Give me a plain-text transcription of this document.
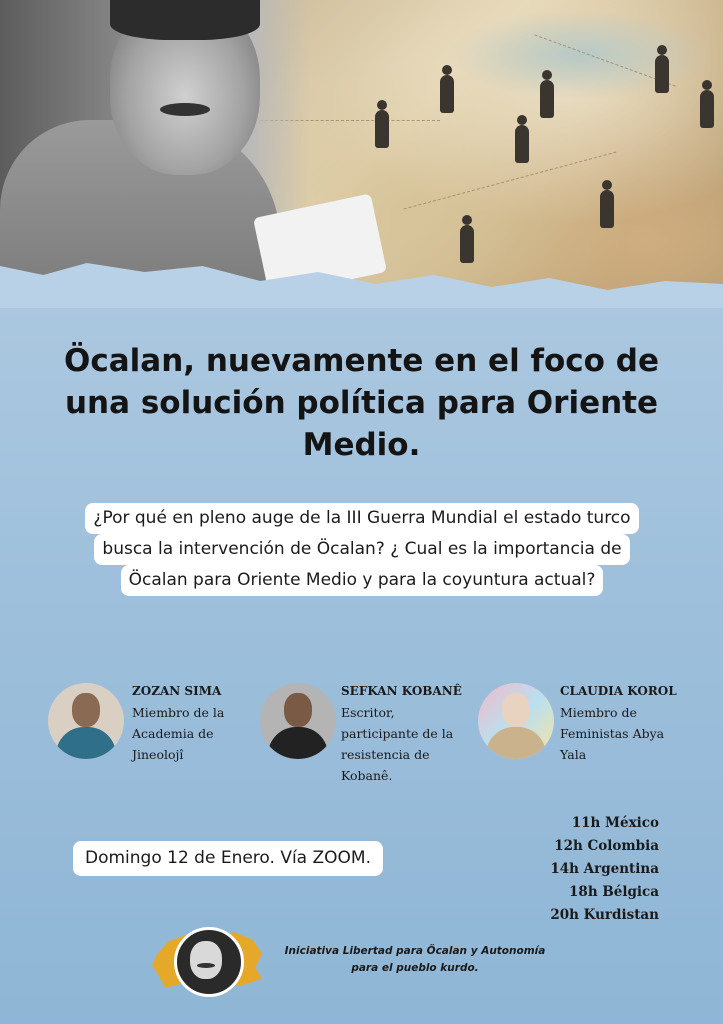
Öcalan, nuevamente en el foco de una solución política para Oriente Medio.
¿Por qué en pleno auge de la III Guerra Mundial el estado turco
busca la intervención de Öcalan? ¿ Cual es la importancia de
Öcalan para Oriente Medio y para la coyuntura actual?
ZOZAN SIMA
Miembro de la
Academia de
Jineolojî
SEFKAN KOBANÊ
Escritor,
participante de la
resistencia de
Kobanê.
CLAUDIA KOROL
Miembro de
Feministas Abya
Yala
Domingo 12 de Enero. Vía ZOOM.
11h México
12h Colombia
14h Argentina
18h Bélgica
20h Kurdistan
Iniciativa Libertad para Öcalan y Autonomía
para el pueblo kurdo.
